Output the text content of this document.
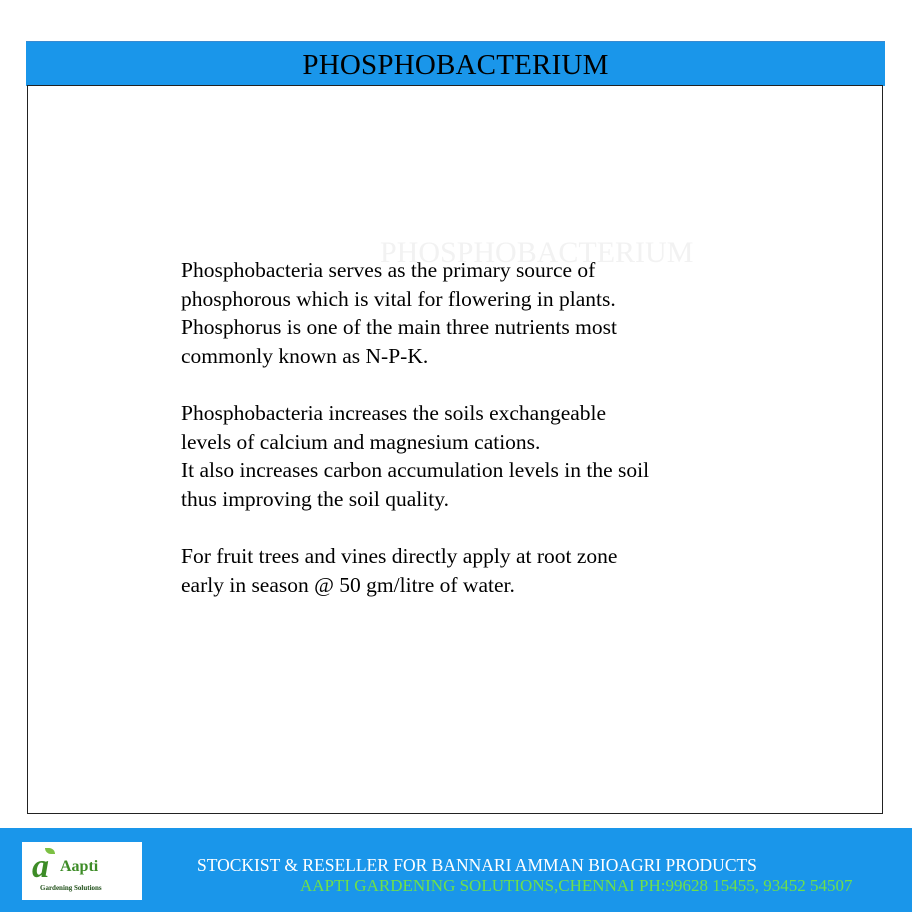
PHOSPHOBACTERIUM
PHOSPHOBACTERIUM
Phosphobacteria serves as the primary source of
phosphorous which is vital for flowering in plants.
Phosphorus is one of the main three nutrients most
commonly known as N-P-K.
Phosphobacteria increases the soils exchangeable
levels of calcium and magnesium cations.
It also increases carbon accumulation levels in the soil
thus improving the soil quality.
For fruit trees and vines directly apply at root zone
early in season @ 50 gm/litre of water.
a Aapti
Gardening Solutions
STOCKIST & RESELLER FOR BANNARI AMMAN BIOAGRI PRODUCTS
AAPTI GARDENING SOLUTIONS,CHENNAI PH:99628 15455, 93452 54507
